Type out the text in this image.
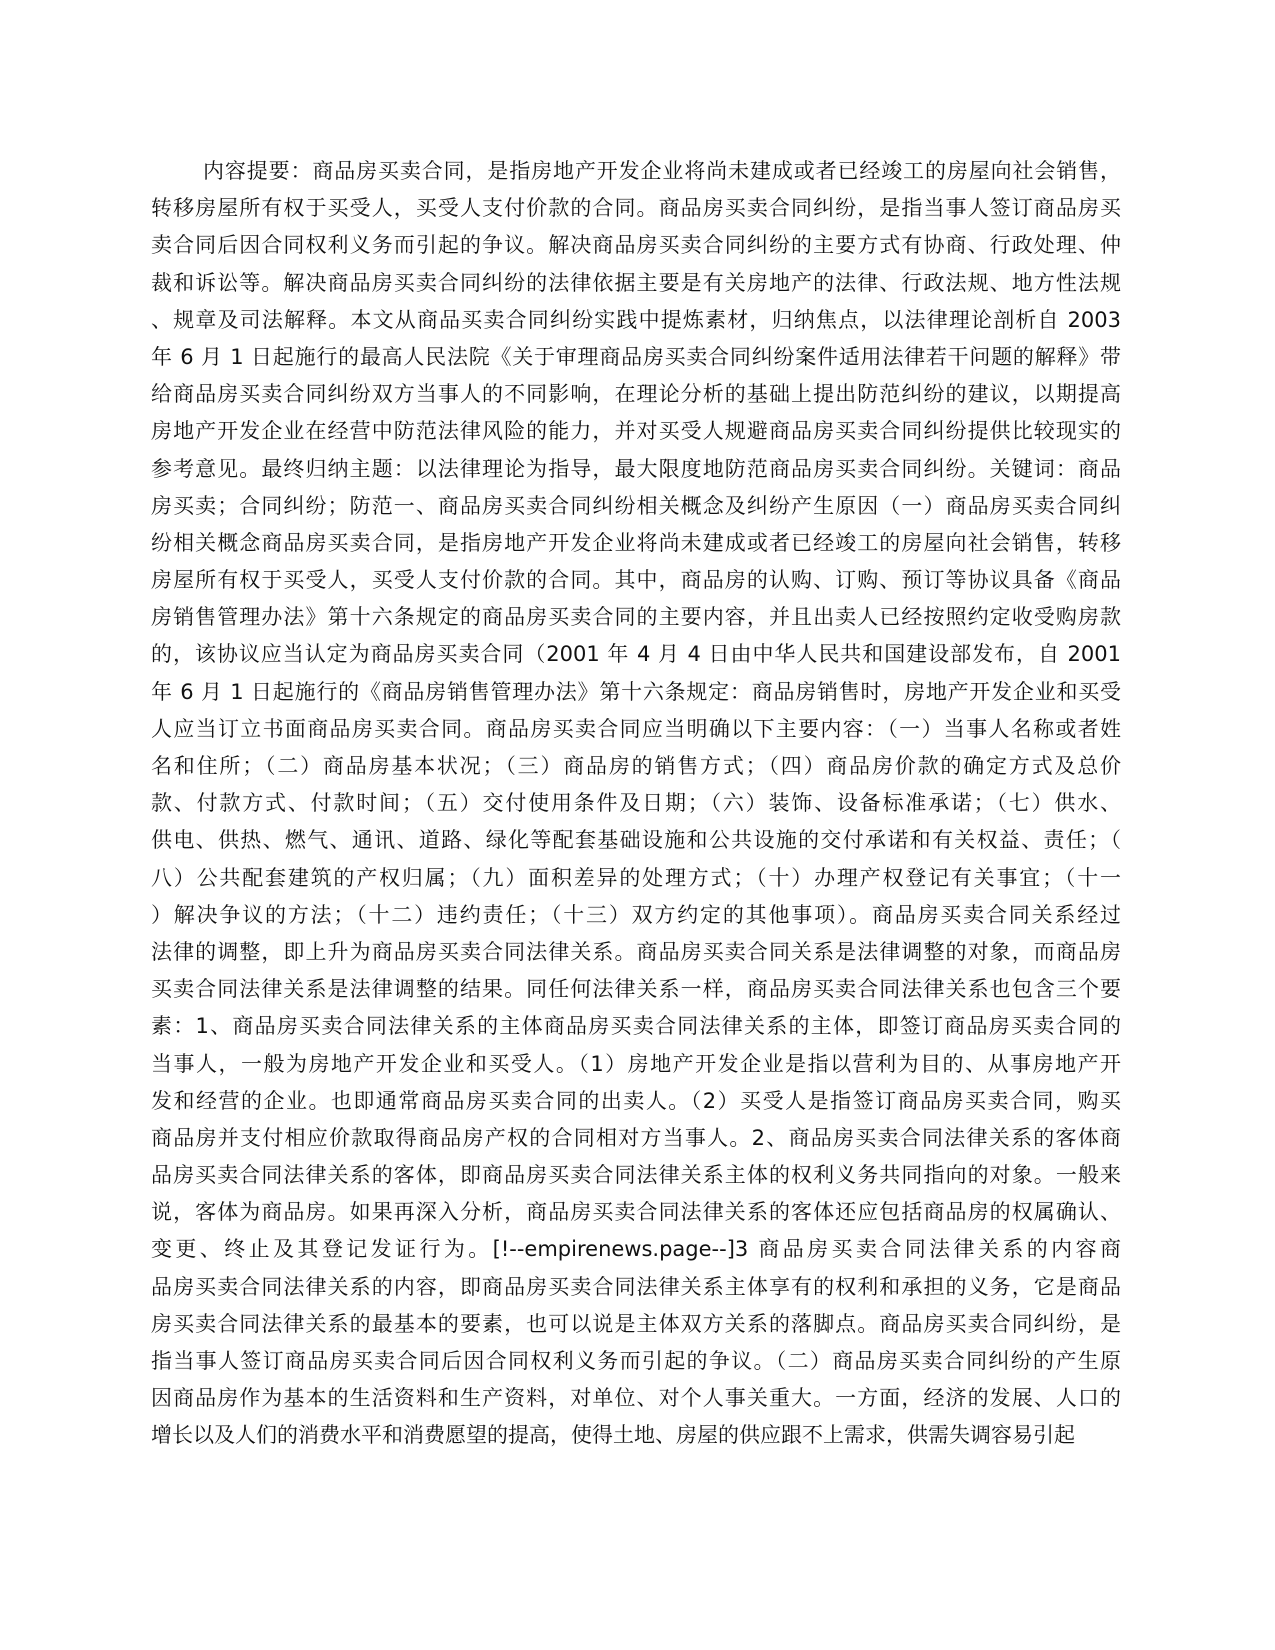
内容提要：商品房买卖合同，是指房地产开发企业将尚未建成或者已经竣工的房屋向社会销售，
转移房屋所有权于买受人，买受人支付价款的合同。商品房买卖合同纠纷，是指当事人签订商品房买
卖合同后因合同权利义务而引起的争议。解决商品房买卖合同纠纷的主要方式有协商、行政处理、仲
裁和诉讼等。解决商品房买卖合同纠纷的法律依据主要是有关房地产的法律、行政法规、地方性法规
、规章及司法解释。本文从商品买卖合同纠纷实践中提炼素材，归纳焦点，以法律理论剖析自 2003
年 6 月 1 日起施行的最高人民法院《关于审理商品房买卖合同纠纷案件适用法律若干问题的解释》带
给商品房买卖合同纠纷双方当事人的不同影响，在理论分析的基础上提出防范纠纷的建议，以期提高
房地产开发企业在经营中防范法律风险的能力，并对买受人规避商品房买卖合同纠纷提供比较现实的
参考意见。最终归纳主题：以法律理论为指导，最大限度地防范商品房买卖合同纠纷。关键词：商品
房买卖；合同纠纷；防范一、商品房买卖合同纠纷相关概念及纠纷产生原因（一）商品房买卖合同纠
纷相关概念商品房买卖合同，是指房地产开发企业将尚未建成或者已经竣工的房屋向社会销售，转移
房屋所有权于买受人，买受人支付价款的合同。其中，商品房的认购、订购、预订等协议具备《商品
房销售管理办法》第十六条规定的商品房买卖合同的主要内容，并且出卖人已经按照约定收受购房款
的，该协议应当认定为商品房买卖合同（2001 年 4 月 4 日由中华人民共和国建设部发布，自 2001
年 6 月 1 日起施行的《商品房销售管理办法》第十六条规定：商品房销售时，房地产开发企业和买受
人应当订立书面商品房买卖合同。商品房买卖合同应当明确以下主要内容：（一）当事人名称或者姓
名和住所；（二）商品房基本状况；（三）商品房的销售方式；（四）商品房价款的确定方式及总价
款、付款方式、付款时间；（五）交付使用条件及日期；（六）装饰、设备标准承诺；（七）供水、
供电、供热、燃气、通讯、道路、绿化等配套基础设施和公共设施的交付承诺和有关权益、责任；（
八）公共配套建筑的产权归属；（九）面积差异的处理方式；（十）办理产权登记有关事宜；（十一
）解决争议的方法；（十二）违约责任；（十三）双方约定的其他事项）。商品房买卖合同关系经过
法律的调整，即上升为商品房买卖合同法律关系。商品房买卖合同关系是法律调整的对象，而商品房
买卖合同法律关系是法律调整的结果。同任何法律关系一样，商品房买卖合同法律关系也包含三个要
素：1、商品房买卖合同法律关系的主体商品房买卖合同法律关系的主体，即签订商品房买卖合同的
当事人，一般为房地产开发企业和买受人。（1）房地产开发企业是指以营利为目的、从事房地产开
发和经营的企业。也即通常商品房买卖合同的出卖人。（2）买受人是指签订商品房买卖合同，购买
商品房并支付相应价款取得商品房产权的合同相对方当事人。2、商品房买卖合同法律关系的客体商
品房买卖合同法律关系的客体，即商品房买卖合同法律关系主体的权利义务共同指向的对象。一般来
说，客体为商品房。如果再深入分析，商品房买卖合同法律关系的客体还应包括商品房的权属确认、
变更、终止及其登记发证行为。[!--empirenews.page--]3 商品房买卖合同法律关系的内容商
品房买卖合同法律关系的内容，即商品房买卖合同法律关系主体享有的权利和承担的义务，它是商品
房买卖合同法律关系的最基本的要素，也可以说是主体双方关系的落脚点。商品房买卖合同纠纷，是
指当事人签订商品房买卖合同后因合同权利义务而引起的争议。（二）商品房买卖合同纠纷的产生原
因商品房作为基本的生活资料和生产资料，对单位、对个人事关重大。一方面，经济的发展、人口的
增长以及人们的消费水平和消费愿望的提高，使得土地、房屋的供应跟不上需求，供需失调容易引起
